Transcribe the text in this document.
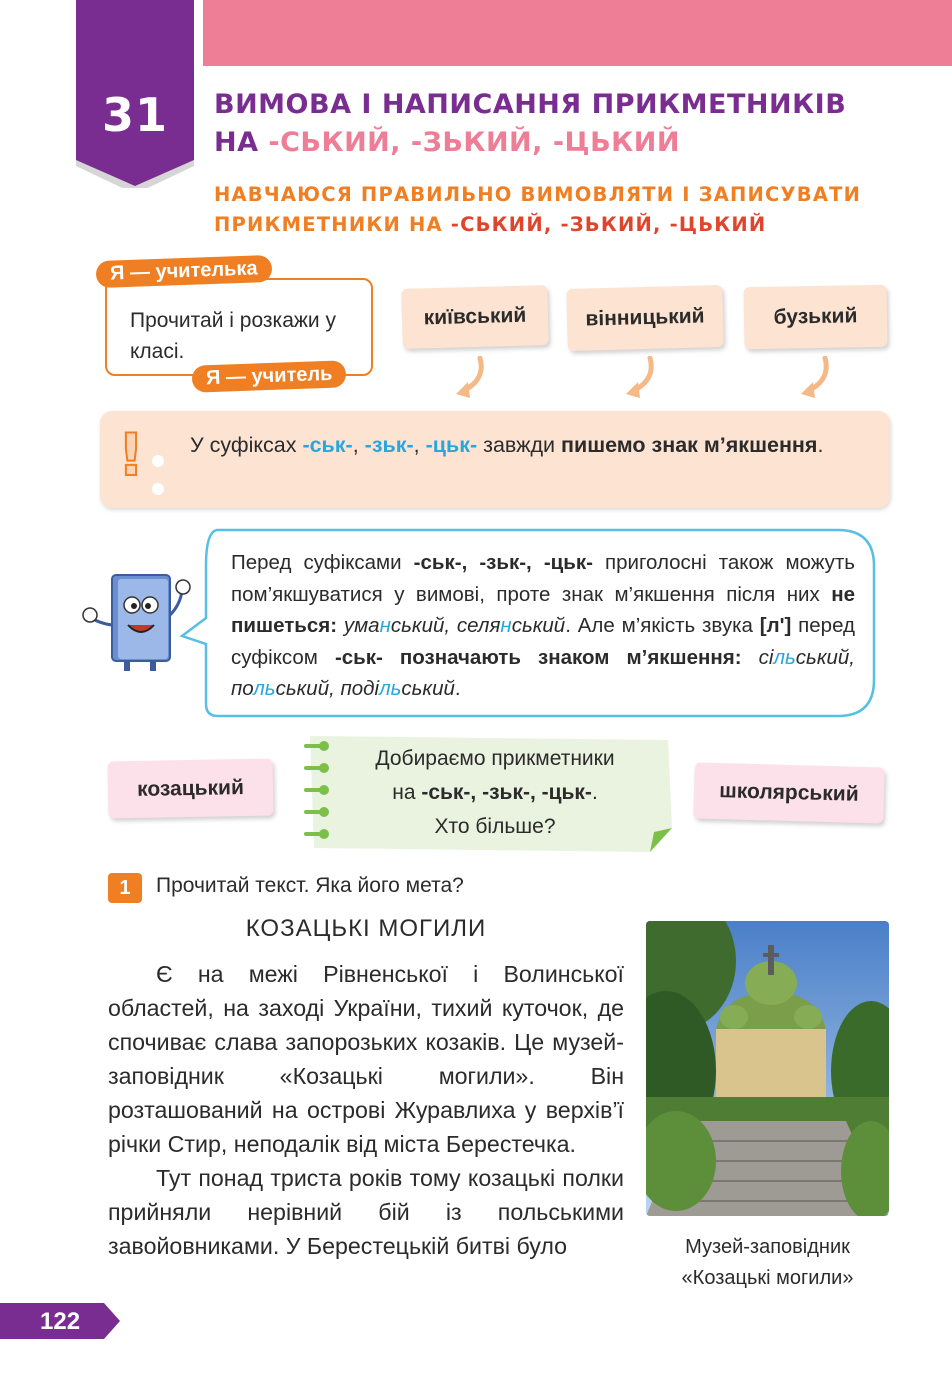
31	ВИМОВА І НАПИСАННЯ ПРИКМЕТНИКІВ
НА -СЬКИЙ, -ЗЬКИЙ, -ЦЬКИЙ
НАВЧАЮСЯ ПРАВИЛЬНО ВИМОВЛЯТИ І ЗАПИСУВАТИ
ПРИКМЕТНИКИ НА -СЬКИЙ, -ЗЬКИЙ, -ЦЬКИЙ
Прочитай і розкажи у класі.
Я — учителька
Я — учитель
київський	вінницький	бузький
! У суфіксах -ськ-, -зьк-, -цьк- завжди пишемо знак м’якшення.
Перед суфіксами -ськ-, -зьк-, -цьк- приголосні також можуть пом’якшуватися у вимові, проте знак м’якшення після них не пишеться: уманський, селянський. Але м’якість звука [л'] перед суфіксом -ськ- позначають знаком м’якшення: сільський, польський, подільський.
козацький	школярський
Добираємо прикметники
на -ськ-, -зьк-, -цьк-.
Хто більше?
1	Прочитай текст. Яка його мета?
КОЗАЦЬКІ МОГИЛИ

Є на межі Рівненської і Волинської областей, на заході України, тихий куточок, де спочиває слава запорозьких козаків. Це музей-заповідник «Козацькі могили». Він розташований на острові Журавлиха у верхів’ї річки Стир, неподалік від міста Берестечка.

Тут понад триста років тому козацькі полки прийняли нерівний бій із польськими завойовниками. У Берестецькій битві було	Музей-заповідник
«Козацькі могили»
122
